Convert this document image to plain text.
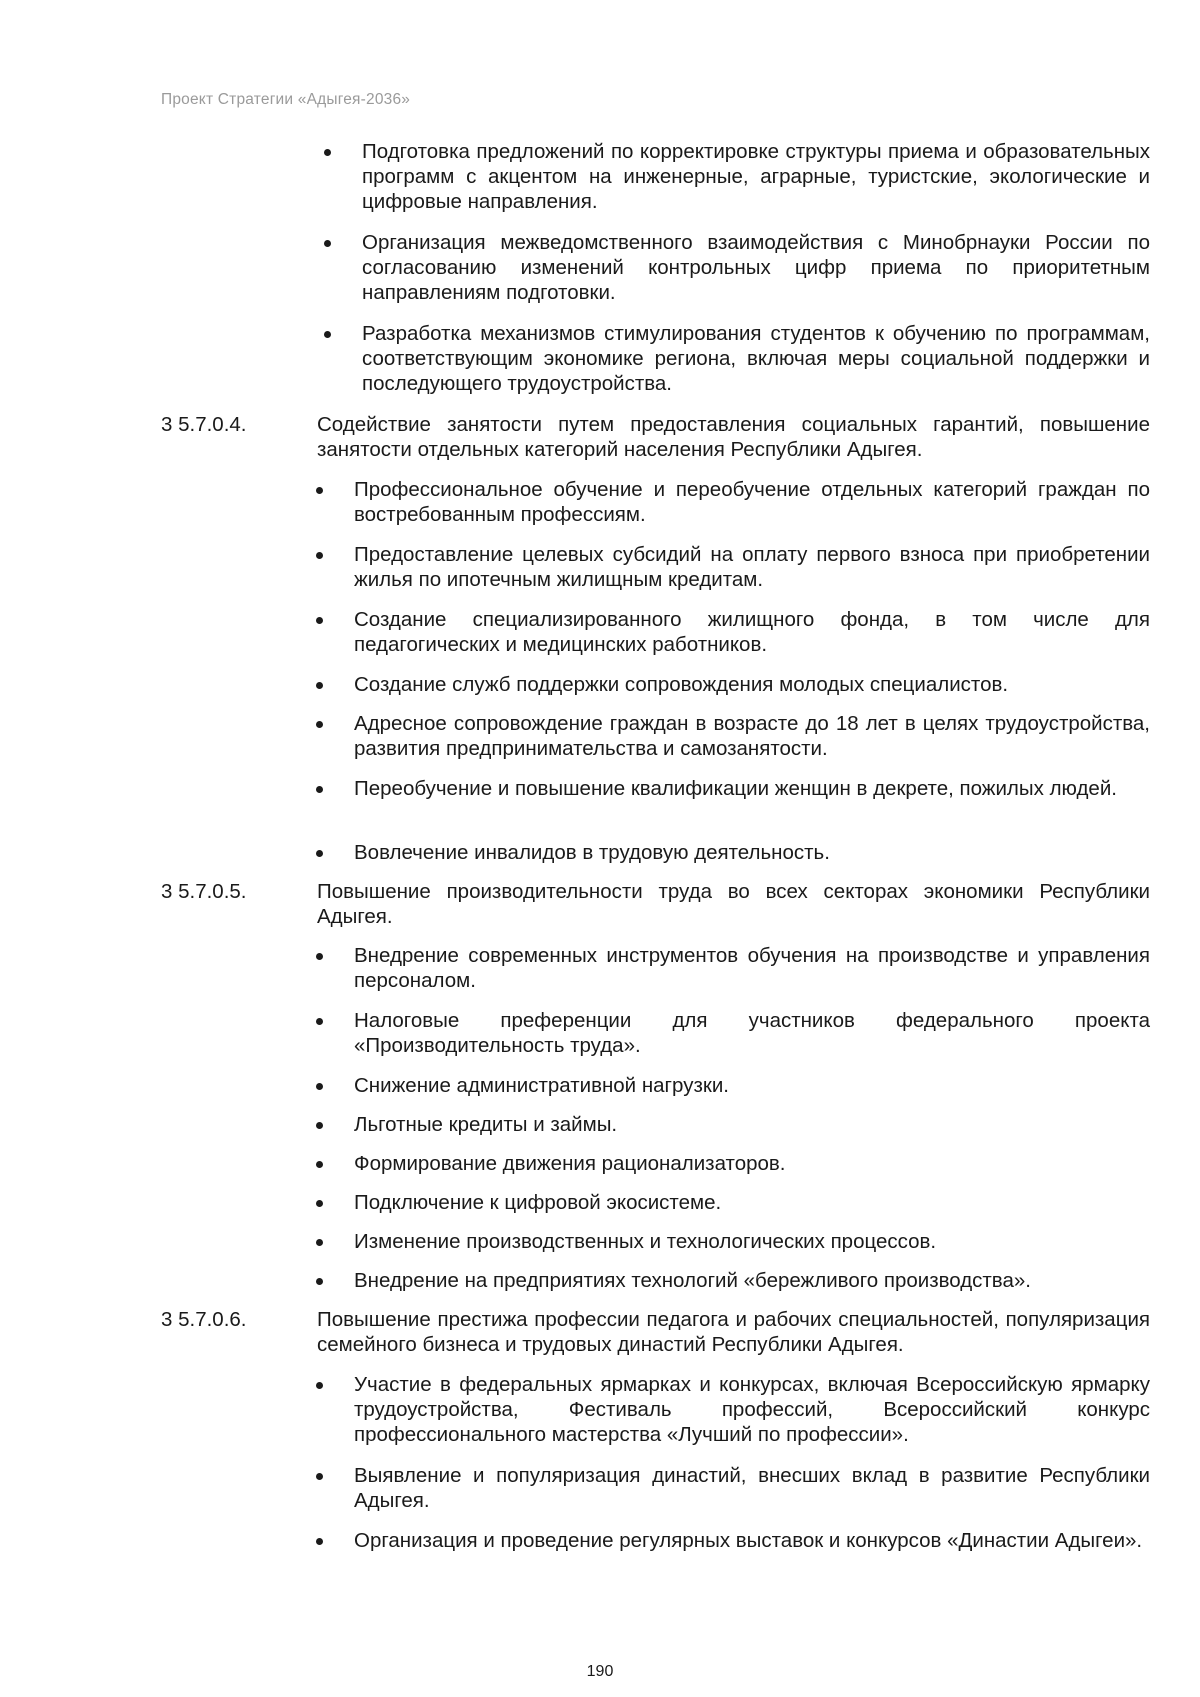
Проект Стратегии «Адыгея-2036»
Подготовка предложений по корректировке структуры приема и образовательных программ с акцентом на инженерные, аграрные, туристские, экологические и цифровые направления.
Организация межведомственного взаимодействия с Минобрнауки России по согласованию изменений контрольных цифр приема по приоритетным направлениям подготовки.
Разработка механизмов стимулирования студентов к обучению по программам, соответствующим экономике региона, включая меры социальной поддержки и последующего трудоустройства.
3 5.7.0.4.	Содействие занятости путем предоставления социальных гарантий, повышение занятости отдельных категорий населения Республики Адыгея.
Профессиональное обучение и переобучение отдельных категорий граждан по востребованным профессиям.
Предоставление целевых субсидий на оплату первого взноса при приобретении жилья по ипотечным жилищным кредитам.
Создание специализированного жилищного фонда, в том числе для педагогических и медицинских работников.
Создание служб поддержки сопровождения молодых специалистов.
Адресное сопровождение граждан в возрасте до 18 лет в целях трудоустройства, развития предпринимательства и самозанятости.
Переобучение и повышение квалификации женщин в декрете, пожилых людей.
Вовлечение инвалидов в трудовую деятельность.
3 5.7.0.5.	Повышение производительности труда во всех секторах экономики Республики Адыгея.
Внедрение современных инструментов обучения на производстве и управления персоналом.
Налоговые преференции для участников федерального проекта «Производительность труда».
Снижение административной нагрузки.
Льготные кредиты и займы.
Формирование движения рационализаторов.
Подключение к цифровой экосистеме.
Изменение производственных и технологических процессов.
Внедрение на предприятиях технологий «бережливого производства».
3 5.7.0.6.	Повышение престижа профессии педагога и рабочих специальностей, популяризация семейного бизнеса и трудовых династий Республики Адыгея.
Участие в федеральных ярмарках и конкурсах, включая Всероссийскую ярмарку трудоустройства, Фестиваль профессий, Всероссийский конкурс профессионального мастерства «Лучший по профессии».
Выявление и популяризация династий, внесших вклад в развитие Республики Адыгея.
Организация и проведение регулярных выставок и конкурсов «Династии Адыгеи».
190
